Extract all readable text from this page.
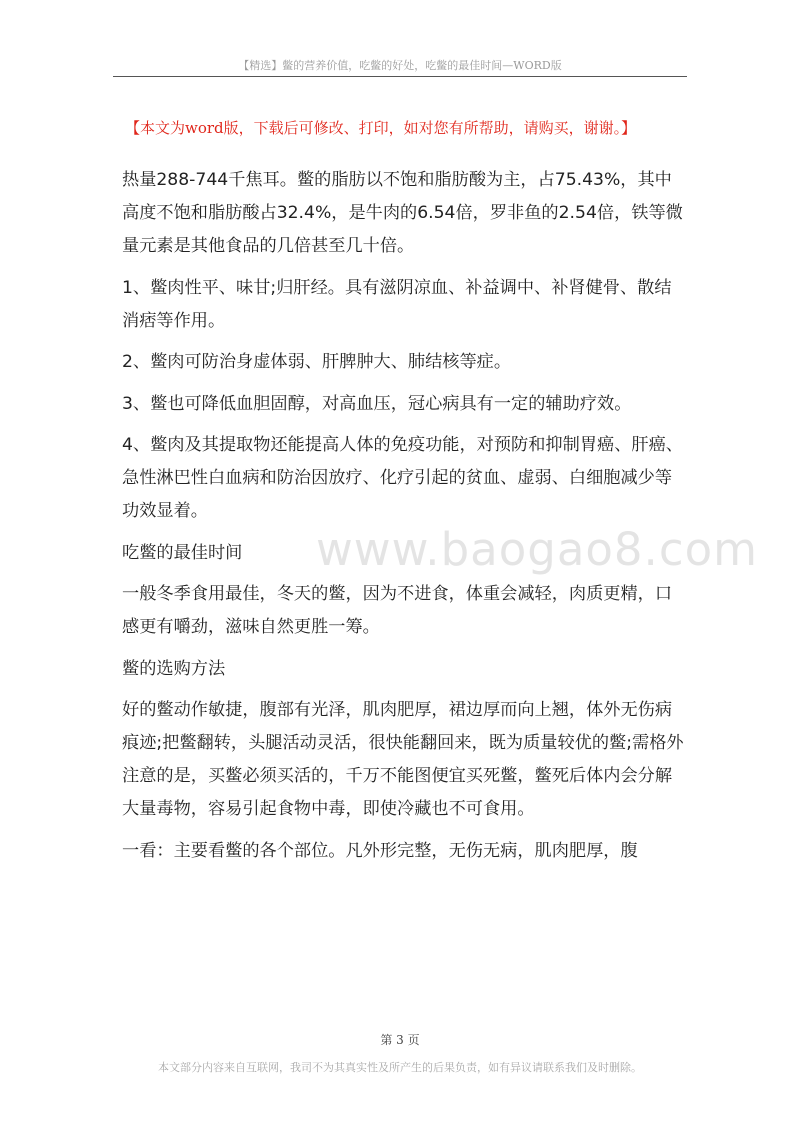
【精选】鳖的营养价值，吃鳖的好处，吃鳖的最佳时间—WORD版
【本文为word版，下载后可修改、打印，如对您有所帮助，请购买，谢谢。】
www.baogao8.com

热量288-744千焦耳。鳖的脂肪以不饱和脂肪酸为主，占75.43%，其中高度不饱和脂肪酸占32.4%，是牛肉的6.54倍，罗非鱼的2.54倍，铁等微量元素是其他食品的几倍甚至几十倍。

1、鳖肉性平、味甘;归肝经。具有滋阴凉血、补益调中、补肾健骨、散结消痞等作用。

2、鳖肉可防治身虚体弱、肝脾肿大、肺结核等症。

3、鳖也可降低血胆固醇，对高血压，冠心病具有一定的辅助疗效。

4、鳖肉及其提取物还能提高人体的免疫功能，对预防和抑制胃癌、肝癌、急性淋巴性白血病和防治因放疗、化疗引起的贫血、虚弱、白细胞减少等功效显着。

吃鳖的最佳时间

一般冬季食用最佳，冬天的鳖，因为不进食，体重会减轻，肉质更精，口感更有嚼劲，滋味自然更胜一筹。

鳖的选购方法

好的鳖动作敏捷，腹部有光泽，肌肉肥厚，裙边厚而向上翘，体外无伤病痕迹;把鳖翻转，头腿活动灵活，很快能翻回来，既为质量较优的鳖;需格外注意的是，买鳖必须买活的，千万不能图便宜买死鳖，鳖死后体内会分解大量毒物，容易引起食物中毒，即使冷藏也不可食用。

一看：主要看鳖的各个部位。凡外形完整，无伤无病，肌肉肥厚，腹

第 3 页
本文部分内容来自互联网，我司不为其真实性及所产生的后果负责，如有异议请联系我们及时删除。
